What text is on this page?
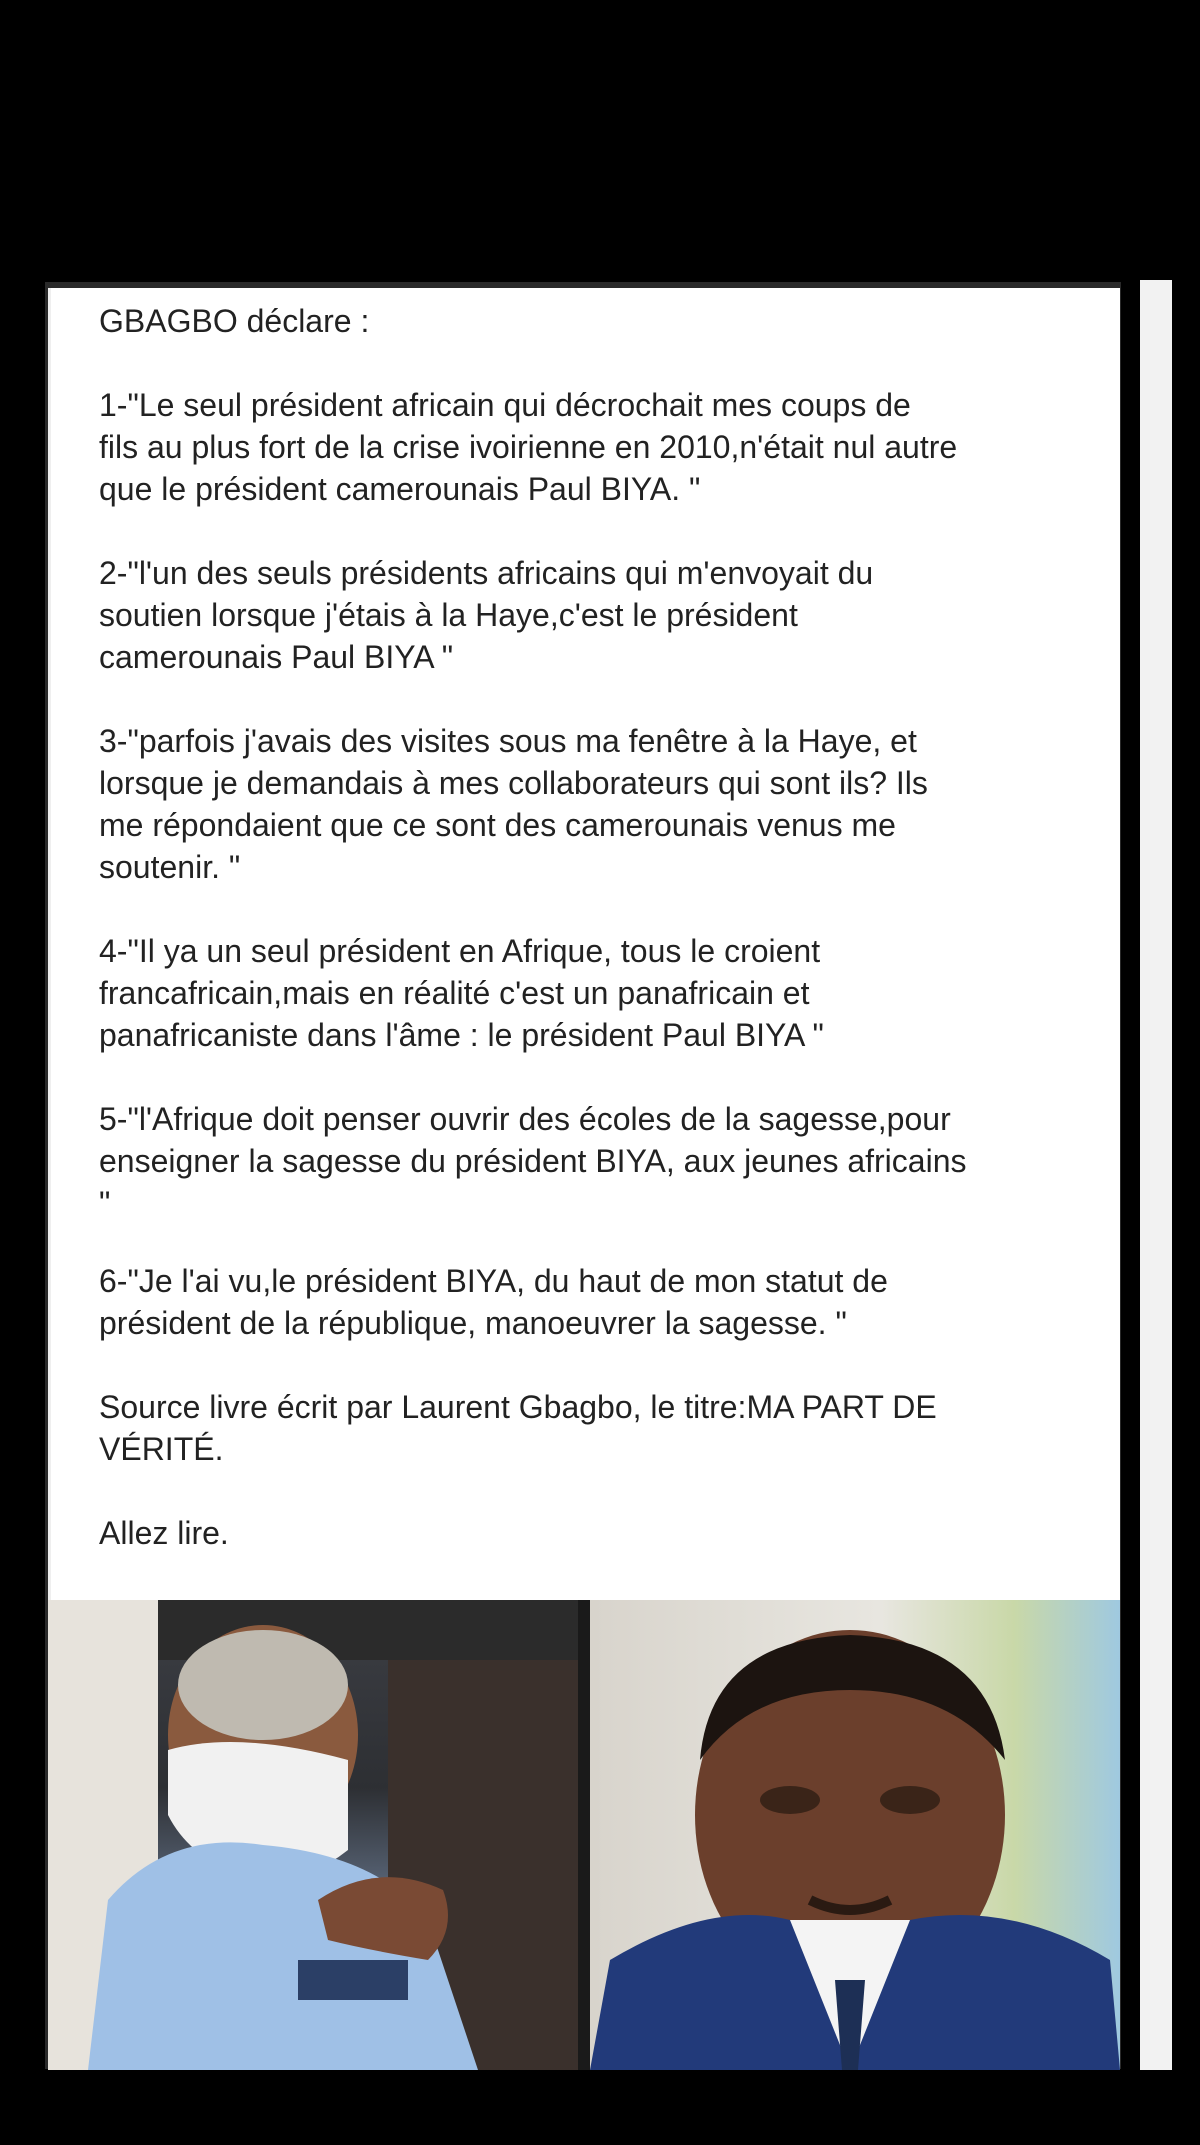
GBAGBO déclare :

1-"Le seul président africain qui décrochait mes coups de
fils au plus fort de la crise ivoirienne en 2010,n'était nul autre
que le président camerounais Paul BIYA. "

2-"l'un des seuls présidents africains qui m'envoyait du
soutien lorsque j'étais à la Haye,c'est le président
camerounais Paul BIYA "

3-"parfois j'avais des visites sous ma fenêtre à la Haye, et
lorsque je demandais à mes collaborateurs qui sont ils? Ils
me répondaient que ce sont des camerounais venus me
soutenir. "

4-"Il ya un seul président en Afrique, tous le croient
francafricain,mais en réalité c'est un panafricain et
panafricaniste dans l'âme : le président Paul BIYA "

5-"l'Afrique doit penser ouvrir des écoles de la sagesse,pour
enseigner la sagesse du président BIYA, aux jeunes africains
"

6-"Je l'ai vu,le président BIYA, du haut de mon statut de
président de la république, manoeuvrer la sagesse. "

Source livre écrit par Laurent Gbagbo, le titre:MA PART DE
VÉRITÉ.

Allez lire.
